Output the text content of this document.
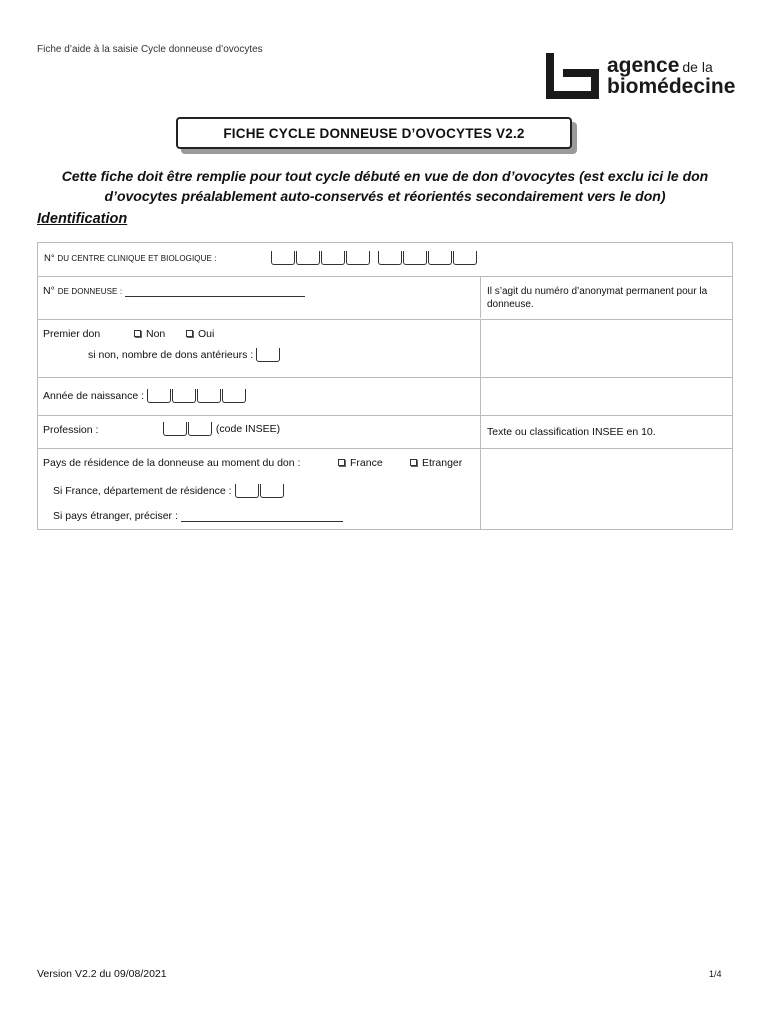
Fiche d’aide à la saisie Cycle donneuse d’ovocytes
agence de la
biomédecine
FICHE CYCLE DONNEUSE D’OVOCYTES V2.2
Cette fiche doit être remplie pour tout cycle débuté en vue de don d’ovocytes (est exclu ici le don d’ovocytes préalablement auto-conservés et réorientés secondairement vers le don)
Identification
N° DU CENTRE CLINIQUE ET BIOLOGIQUE :
N° DE DONNEUSE :	Il s’agit du numéro d’anonymat permanent pour la donneuse.
Premier don	Non	Oui
si non, nombre de dons antérieurs :
Année de naissance :
Profession :	(code INSEE)	Texte ou classification INSEE en 10.
Pays de résidence de la donneuse au moment du don :	France	Etranger
Si France, département de résidence :
Si pays étranger, préciser :
Version V2.2 du 09/08/2021	1/4
